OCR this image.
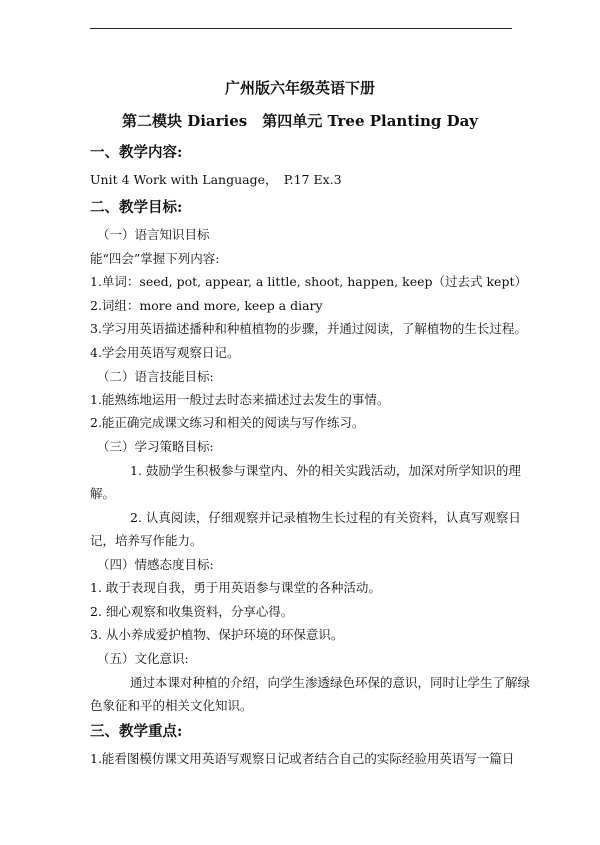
广州版六年级英语下册
第二模块 Diaries　第四单元 Tree Planting Day
一、教学内容:
Unit 4 Work with Language，　P.17 Ex.3
二、教学目标:
（一）语言知识目标
能“四会”掌握下列内容:
1.单词：seed, pot, appear, a little, shoot, happen, keep（过去式 kept）
2.词组：more and more, keep a diary
3.学习用英语描述播种和种植植物的步骤，并通过阅读，了解植物的生长过程。
4.学会用英语写观察日记。
（二）语言技能目标:
1.能熟练地运用一般过去时态来描述过去发生的事情。
2.能正确完成课文练习和相关的阅读与写作练习。
（三）学习策略目标:
1. 鼓励学生积极参与课堂内、外的相关实践活动，加深对所学知识的理
解。
2. 认真阅读，仔细观察并记录植物生长过程的有关资料，认真写观察日
记，培养写作能力。
（四）情感态度目标:
1. 敢于表现自我，勇于用英语参与课堂的各种活动。
2. 细心观察和收集资料，分享心得。
3. 从小养成爱护植物、保护环境的环保意识。
（五）文化意识:
通过本课对种植的介绍，向学生渗透绿色环保的意识，同时让学生了解绿
色象征和平的相关文化知识。
三、教学重点:
1.能看图模仿课文用英语写观察日记或者结合自己的实际经验用英语写一篇日
